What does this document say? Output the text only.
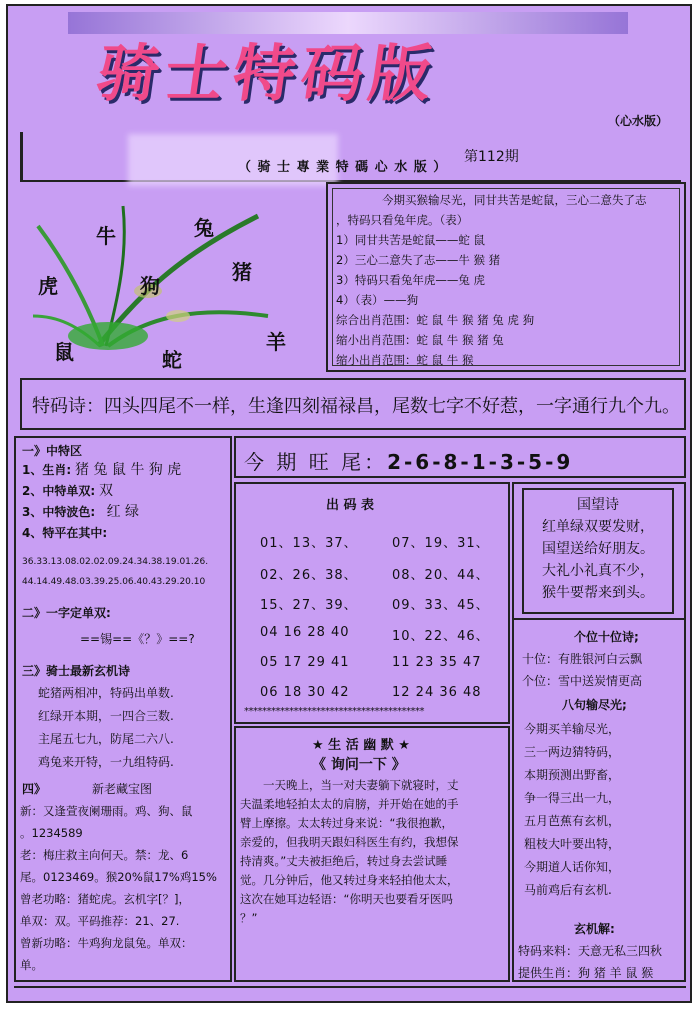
骑士特码版
（心水版）
（ 骑 士 專 業 特 碼 心 水 版 ）
第112期
牛	兔
猪
虎	狗
羊
鼠	蛇
今期买猴输尽光，同甘共苦是蛇鼠，三心二意失了志
，特码只看兔年虎。（表）
1）同甘共苦是蛇鼠——蛇 鼠
2）三心二意失了志——牛 猴 猪
3）特码只看兔年虎——兔 虎
4）（表）——狗
综合出肖范围：蛇 鼠 牛 猴 猪 兔 虎 狗
缩小出肖范围：蛇 鼠 牛 猴 猪 兔
缩小出肖范围：蛇 鼠 牛 猴
特码诗：四头四尾不一样，生逢四刻福禄昌，尾数七字不好惹，一字通行九个九。
一》中特区
1、生肖: 猪 兔 鼠 牛 狗 虎
2、中特单双: 双
3、中特波色: 红 绿
4、特平在其中:
36.33.13.08.02.02.09.24.34.38.19.01.26.
44.14.49.48.03.39.25.06.40.43.29.20.10
二》一字定单双:
==锡==《？》==?
三》骑士最新玄机诗
蛇猪两相冲，特码出单数.
红绿开本期，一四合三数.
主尾五七九，防尾二六八.
鸡兔来开特，一九组特码.
四》	新老藏宝图
新：又逢萱夜阑珊雨。鸡、狗、鼠
。1234589
老：梅庄救主向何天。禁：龙、6
尾。0123469。猴20%鼠17%鸡15%
曾老功略：猪蛇虎。玄机字[？]，
单双：双。平码推荐：21、27.
曾新功略：牛鸡狗龙鼠兔。单双：
单。
今 期 旺 尾：2-6-8-1-3-5-9
出 码 表
01、13、37、	07、19、31、
02、26、38、	08、20、44、
15、27、39、	09、33、45、
04 16 28 40	10、22、46、
05 17 29 41	11 23 35 47
06 18 30 42	12 24 36 48
****************************************
★ 生 活 幽 默 ★
《 询问一下 》
　　一天晚上，当一对夫妻躺下就寝时，丈
夫温柔地轻拍太太的肩膀，并开始在她的手
臂上摩擦。太太转过身来说：“我很抱歉，
亲爱的，但我明天跟妇科医生有约，我想保
持清爽。”丈夫被拒绝后，转过身去尝试睡
觉。几分钟后，他又转过身来轻拍他太太，
这次在她耳边轻语：“你明天也要看牙医吗
？”
国望诗
红单绿双要发财，
国望送给好朋友。
大礼小礼真不少，
猴牛要帮来到头。
个位十位诗;
十位：有胜银河白云飘
个位：雪中送炭情更高
八句输尽光;
今期买羊输尽光，
三一两边猜特码，
本期预测出野畜，
争一得三出一九，
五月芭蕉有玄机，
粗枝大叶要出特，
今期道人话你知，
马前鸡后有玄机.
玄机解:
特码来料：天意无私三四秋
提供生肖：狗 猪 羊 鼠 猴
